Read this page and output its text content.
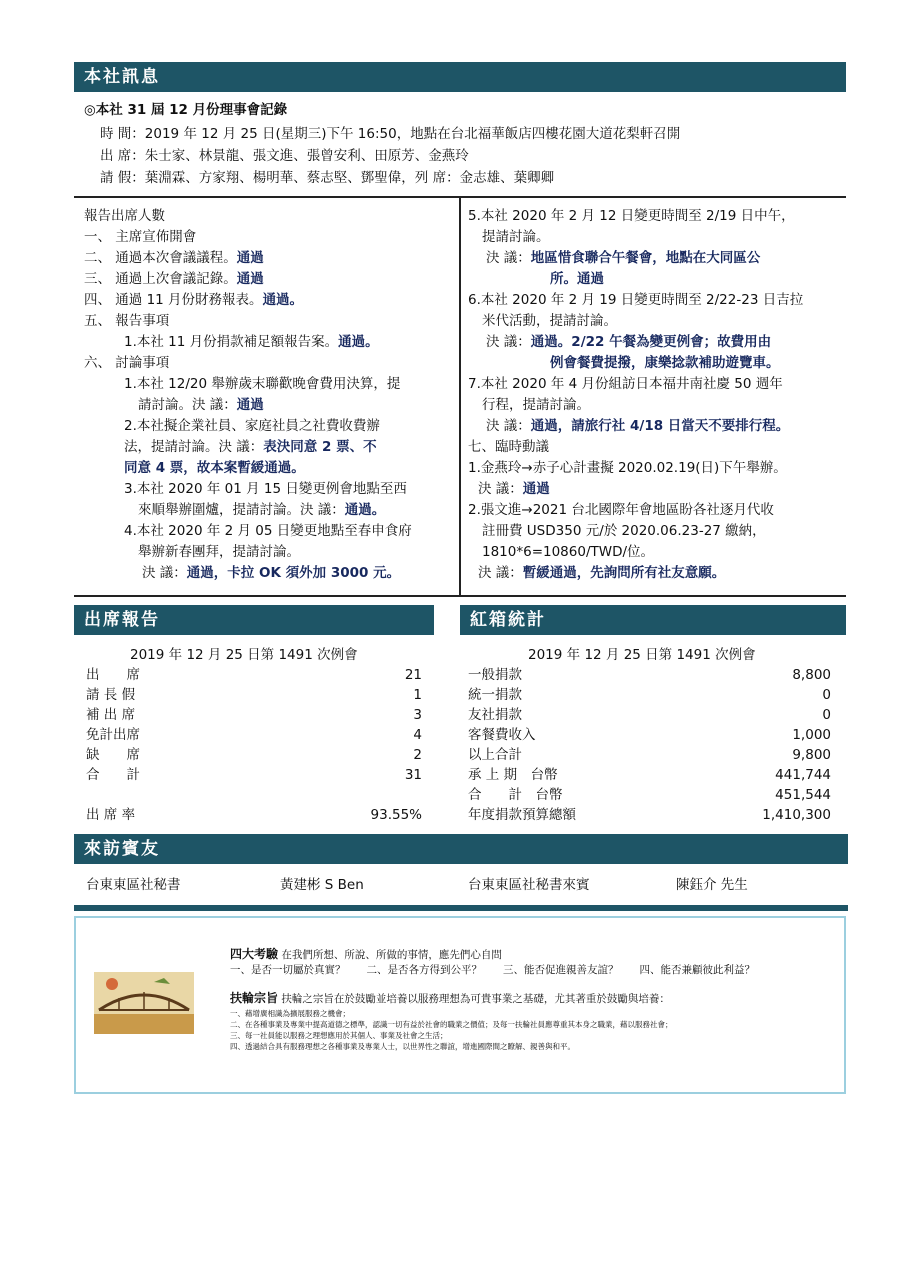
本社訊息
◎本社 31 屆 12 月份理事會記錄
時 間：2019 年 12 月 25 日(星期三)下午 16:50，地點在台北福華飯店四樓花園大道花梨軒召開
出 席：朱士家、林景龍、張文進、張曾安利、田原芳、金燕玲
請 假：葉淵霖、方家翔、楊明華、蔡志堅、鄧聖偉，列 席：金志雄、葉卿卿
報告出席人數
一、 主席宣佈開會
二、 通過本次會議議程。通過
三、 通過上次會議記錄。通過
四、 通過 11 月份財務報表。通過。
五、 報告事項
1.本社 11 月份捐款補足額報告案。通過。
六、 討論事項
1.本社 12/20 舉辦歲末聯歡晚會費用決算，提
請討論。決 議：通過
2.本社擬企業社員、家庭社員之社費收費辦
法，提請討論。決 議：表決同意 2 票、不
同意 4 票，故本案暫緩通過。
3.本社 2020 年 01 月 15 日變更例會地點至西
來順舉辦圍爐，提請討論。決 議：通過。
4.本社 2020 年 2 月 05 日變更地點至春申食府
舉辦新春團拜，提請討論。
決 議：通過，卡拉 OK 須外加 3000 元。
5.本社 2020 年 2 月 12 日變更時間至 2/19 日中午，
提請討論。
決 議：地區惜食聯合午餐會，地點在大同區公
所。通過
6.本社 2020 年 2 月 19 日變更時間至 2/22-23 日吉拉
米代活動，提請討論。
決 議：通過。2/22 午餐為變更例會；故費用由
例會餐費提撥，康樂捻款補助遊覽車。
7.本社 2020 年 4 月份組訪日本福井南社慶 50 週年
行程，提請討論。
決 議：通過，請旅行社 4/18 日當天不要排行程。
七、臨時動議
1.金燕玲→赤子心計畫擬 2020.02.19(日)下午舉辦。
決 議：通過
2.張文進→2021 台北國際年會地區盼各社逐月代收
註冊費 USD350 元/於 2020.06.23-27 繳納，
1810*6=10860/TWD/位。
決 議：暫緩通過，先詢問所有社友意願。
出席報告	紅箱統計
2019 年 12 月 25 日第 1491 次例會
出　　席	21
請 長 假	1
補 出 席	3
免計出席	4
缺　　席	2
合　　計	31
出 席 率	93.55%
2019 年 12 月 25 日第 1491 次例會
一般捐款	8,800
統一捐款	0
友社捐款	0
客餐費收入	1,000
以上合計	9,800
承 上 期　台幣	441,744
合　　計　台幣	451,544
年度捐款預算總額	1,410,300
來訪賓友
台東東區社秘書	黃建彬 S Ben	台東東區社秘書來賓	陳鈺介 先生
四大考驗 在我們所想、所說、所做的事情，應先們心自問
一、是否一切屬於真實？　　二、是否各方得到公平？　　三、能否促進親善友誼？　　四、能否兼顧彼此利益？
扶輪宗旨 扶輪之宗旨在於鼓勵並培養以服務理想為可貴事業之基礎，尤其著重於鼓勵與培養：
一、藉增廣相識為擴展服務之機會；
二、在各種事業及專業中提高道德之標準，認識一切有益於社會的職業之價值；及每一扶輪社員應尊重其本身之職業，藉以服務社會；
三、每一社員能以服務之理想應用於其個人、事業及社會之生活；
四、透過結合具有服務理想之各種事業及專業人士，以世界性之聯誼，增進國際間之瞭解、親善與和平。
